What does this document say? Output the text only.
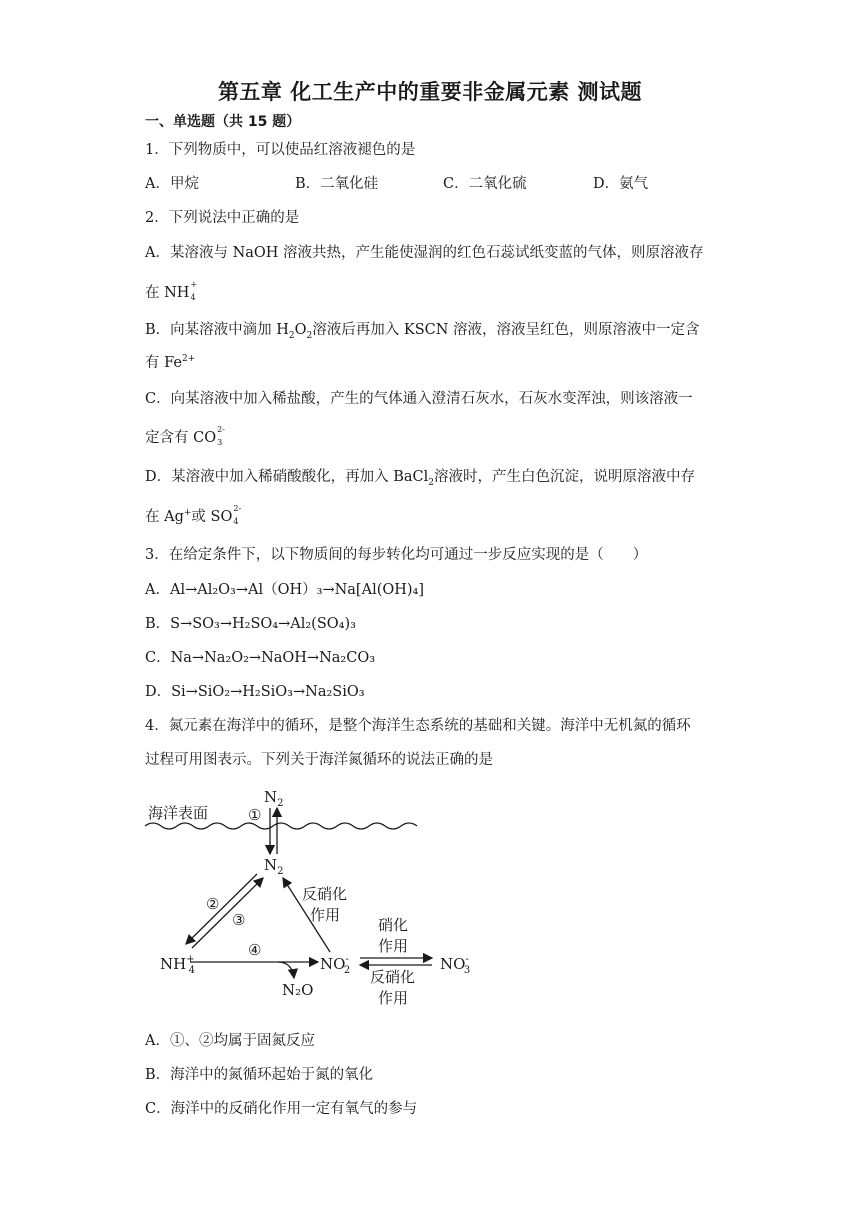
第五章 化工生产中的重要非金属元素 测试题
一、单选题（共 15 题）
1．下列物质中，可以使品红溶液褪色的是
A．甲烷	B．二氧化硅	C．二氧化硫	D．氨气
2．下列说法中正确的是
A．某溶液与 NaOH 溶液共热，产生能使湿润的红色石蕊试纸变蓝的气体，则原溶液存
在 NH
+
4
B．向某溶液中滴加 $H_2O_2$溶液后再加入 KSCN 溶液，溶液呈红色，则原溶液中一定含
有 $Fe^{2+}$
C．向某溶液中加入稀盐酸，产生的气体通入澄清石灰水，石灰水变浑浊，则该溶液一
定含有 CO
2-
3
D．某溶液中加入稀硝酸酸化，再加入 BaCl$_2$溶液时，产生白色沉淀，说明原溶液中存
在 Ag+或 SO
2-
4
3．在给定条件下，以下物质间的每步转化均可通过一步反应实现的是（　　）
A．Al→Al₂O₃→Al（OH）₃→Na[Al(OH)₄]
B．S→SO₃→H₂SO₄→Al₂(SO₄)₃
C．Na→Na₂O₂→NaOH→Na₂CO₃
D．Si→SiO₂→H₂SiO₃→Na₂SiO₃
4．氮元素在海洋中的循环，是整个海洋生态系统的基础和关键。海洋中无机氮的循环
过程可用图表示。下列关于海洋氮循环的说法正确的是
海洋表面
$N_2$
①
$N_2$
②
③
反硝化
作用
NH+ 4
④
N₂O
NO-2
硝化
作用
反硝化
作用
NO-3
A．①、②均属于固氮反应
B．海洋中的氮循环起始于氮的氧化
C．海洋中的反硝化作用一定有氧气的参与
